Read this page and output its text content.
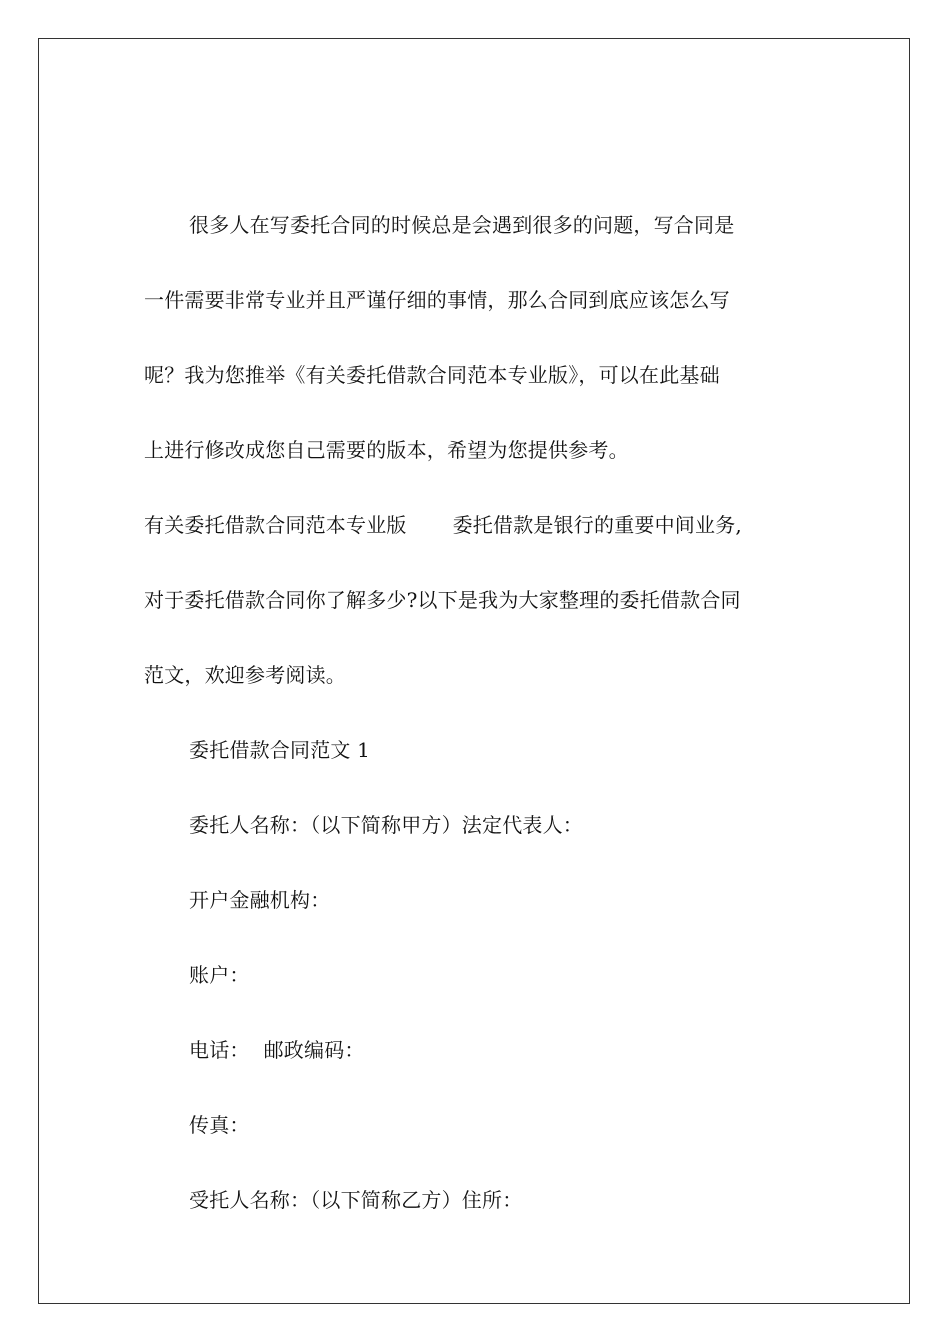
很多人在写委托合同的时候总是会遇到很多的问题，写合同是
一件需要非常专业并且严谨仔细的事情，那么合同到底应该怎么写
呢？我为您推举《有关委托借款合同范本专业版》，可以在此基础
上进行修改成您自己需要的版本，希望为您提供参考。
有关委托借款合同范本专业版 委托借款是银行的重要中间业务,
对于委托借款合同你了解多少?以下是我为大家整理的委托借款合同
范文，欢迎参考阅读。
委托借款合同范文 1
委托人名称：（以下简称甲方）法定代表人：
开户金融机构：
账户：
电话： 邮政编码：
传真：
受托人名称：（以下简称乙方）住所：
